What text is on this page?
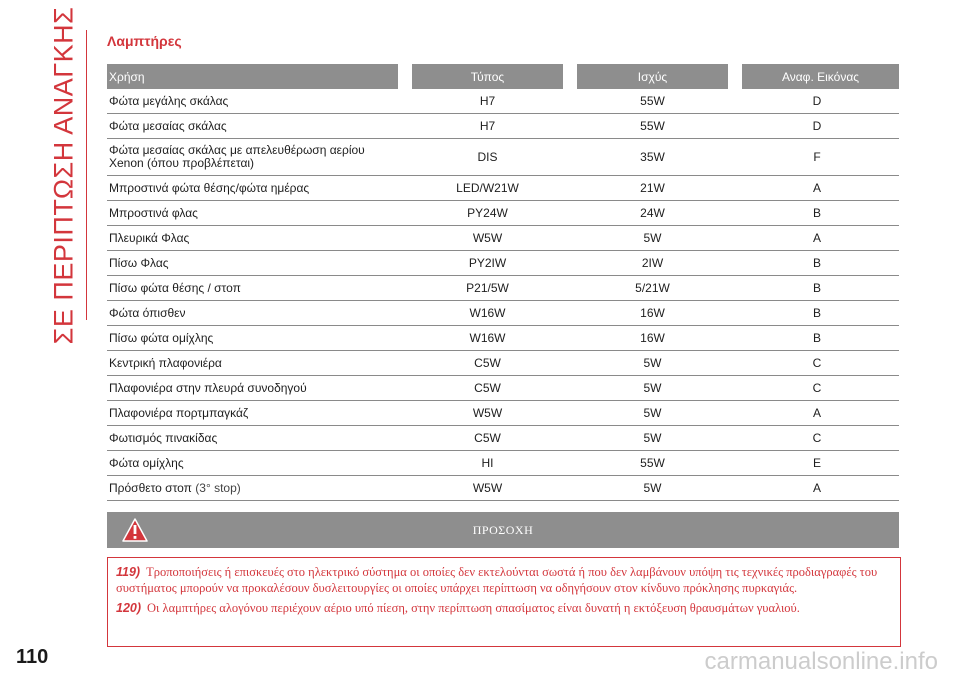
ΣΕ ΠΕΡΙΠΤΩΣΗ ΑΝΑΓΚΗΣ Λαμπτήρες
Χρήση	Τύπος	Ισχύς	Αναφ. Εικόνας
Φώτα μεγάλης σκάλας	H7	55W	D
Φώτα μεσαίας σκάλας	H7	55W	D

Φώτα μεσαίας σκάλας με απελευθέρωση αερίου
Xenon (όπου προβλέπεται)	DIS	35W	F
Μπροστινά φώτα θέσης/φώτα ημέρας	LED/W21W	21W	A
Μπροστινά φλας	PY24W	24W	B
Πλευρικά Φλας	W5W	5W	A
Πίσω Φλας	PY2IW	2IW	B
Πίσω φώτα θέσης / στοπ	P21/5W	5/21W	B
Φώτα όπισθεν	W16W	16W	B
Πίσω φώτα ομίχλης	W16W	16W	B
Κεντρική πλαφονιέρα	C5W	5W	C
Πλαφονιέρα στην πλευρά συνοδηγού	C5W	5W	C
Πλαφονιέρα πορτμπαγκάζ	W5W	5W	A
Φωτισμός πινακίδας	C5W	5W	C
Φώτα ομίχλης	HI	55W	E
Πρόσθετο στοπ (3° stop)	W5W	5W	A
ΠΡΟΣΟΧΗ

119) Τροποποιήσεις ή επισκευές στο ηλεκτρικό σύστημα οι οποίες δεν εκτελούνται σωστά ή που δεν λαμβάνουν υπόψη τις τεχνικές προδιαγραφές του συστήματος μπορούν να προκαλέσουν δυσλειτουργίες οι οποίες υπάρχει περίπτωση να οδηγήσουν στον κίνδυνο πρόκλησης πυρκαγιάς.

120) Οι λαμπτήρες αλογόνου περιέχουν αέριο υπό πίεση, στην περίπτωση σπασίματος είναι δυνατή η εκτόξευση θραυσμάτων γυαλιού.

110	carmanualsonline.info
